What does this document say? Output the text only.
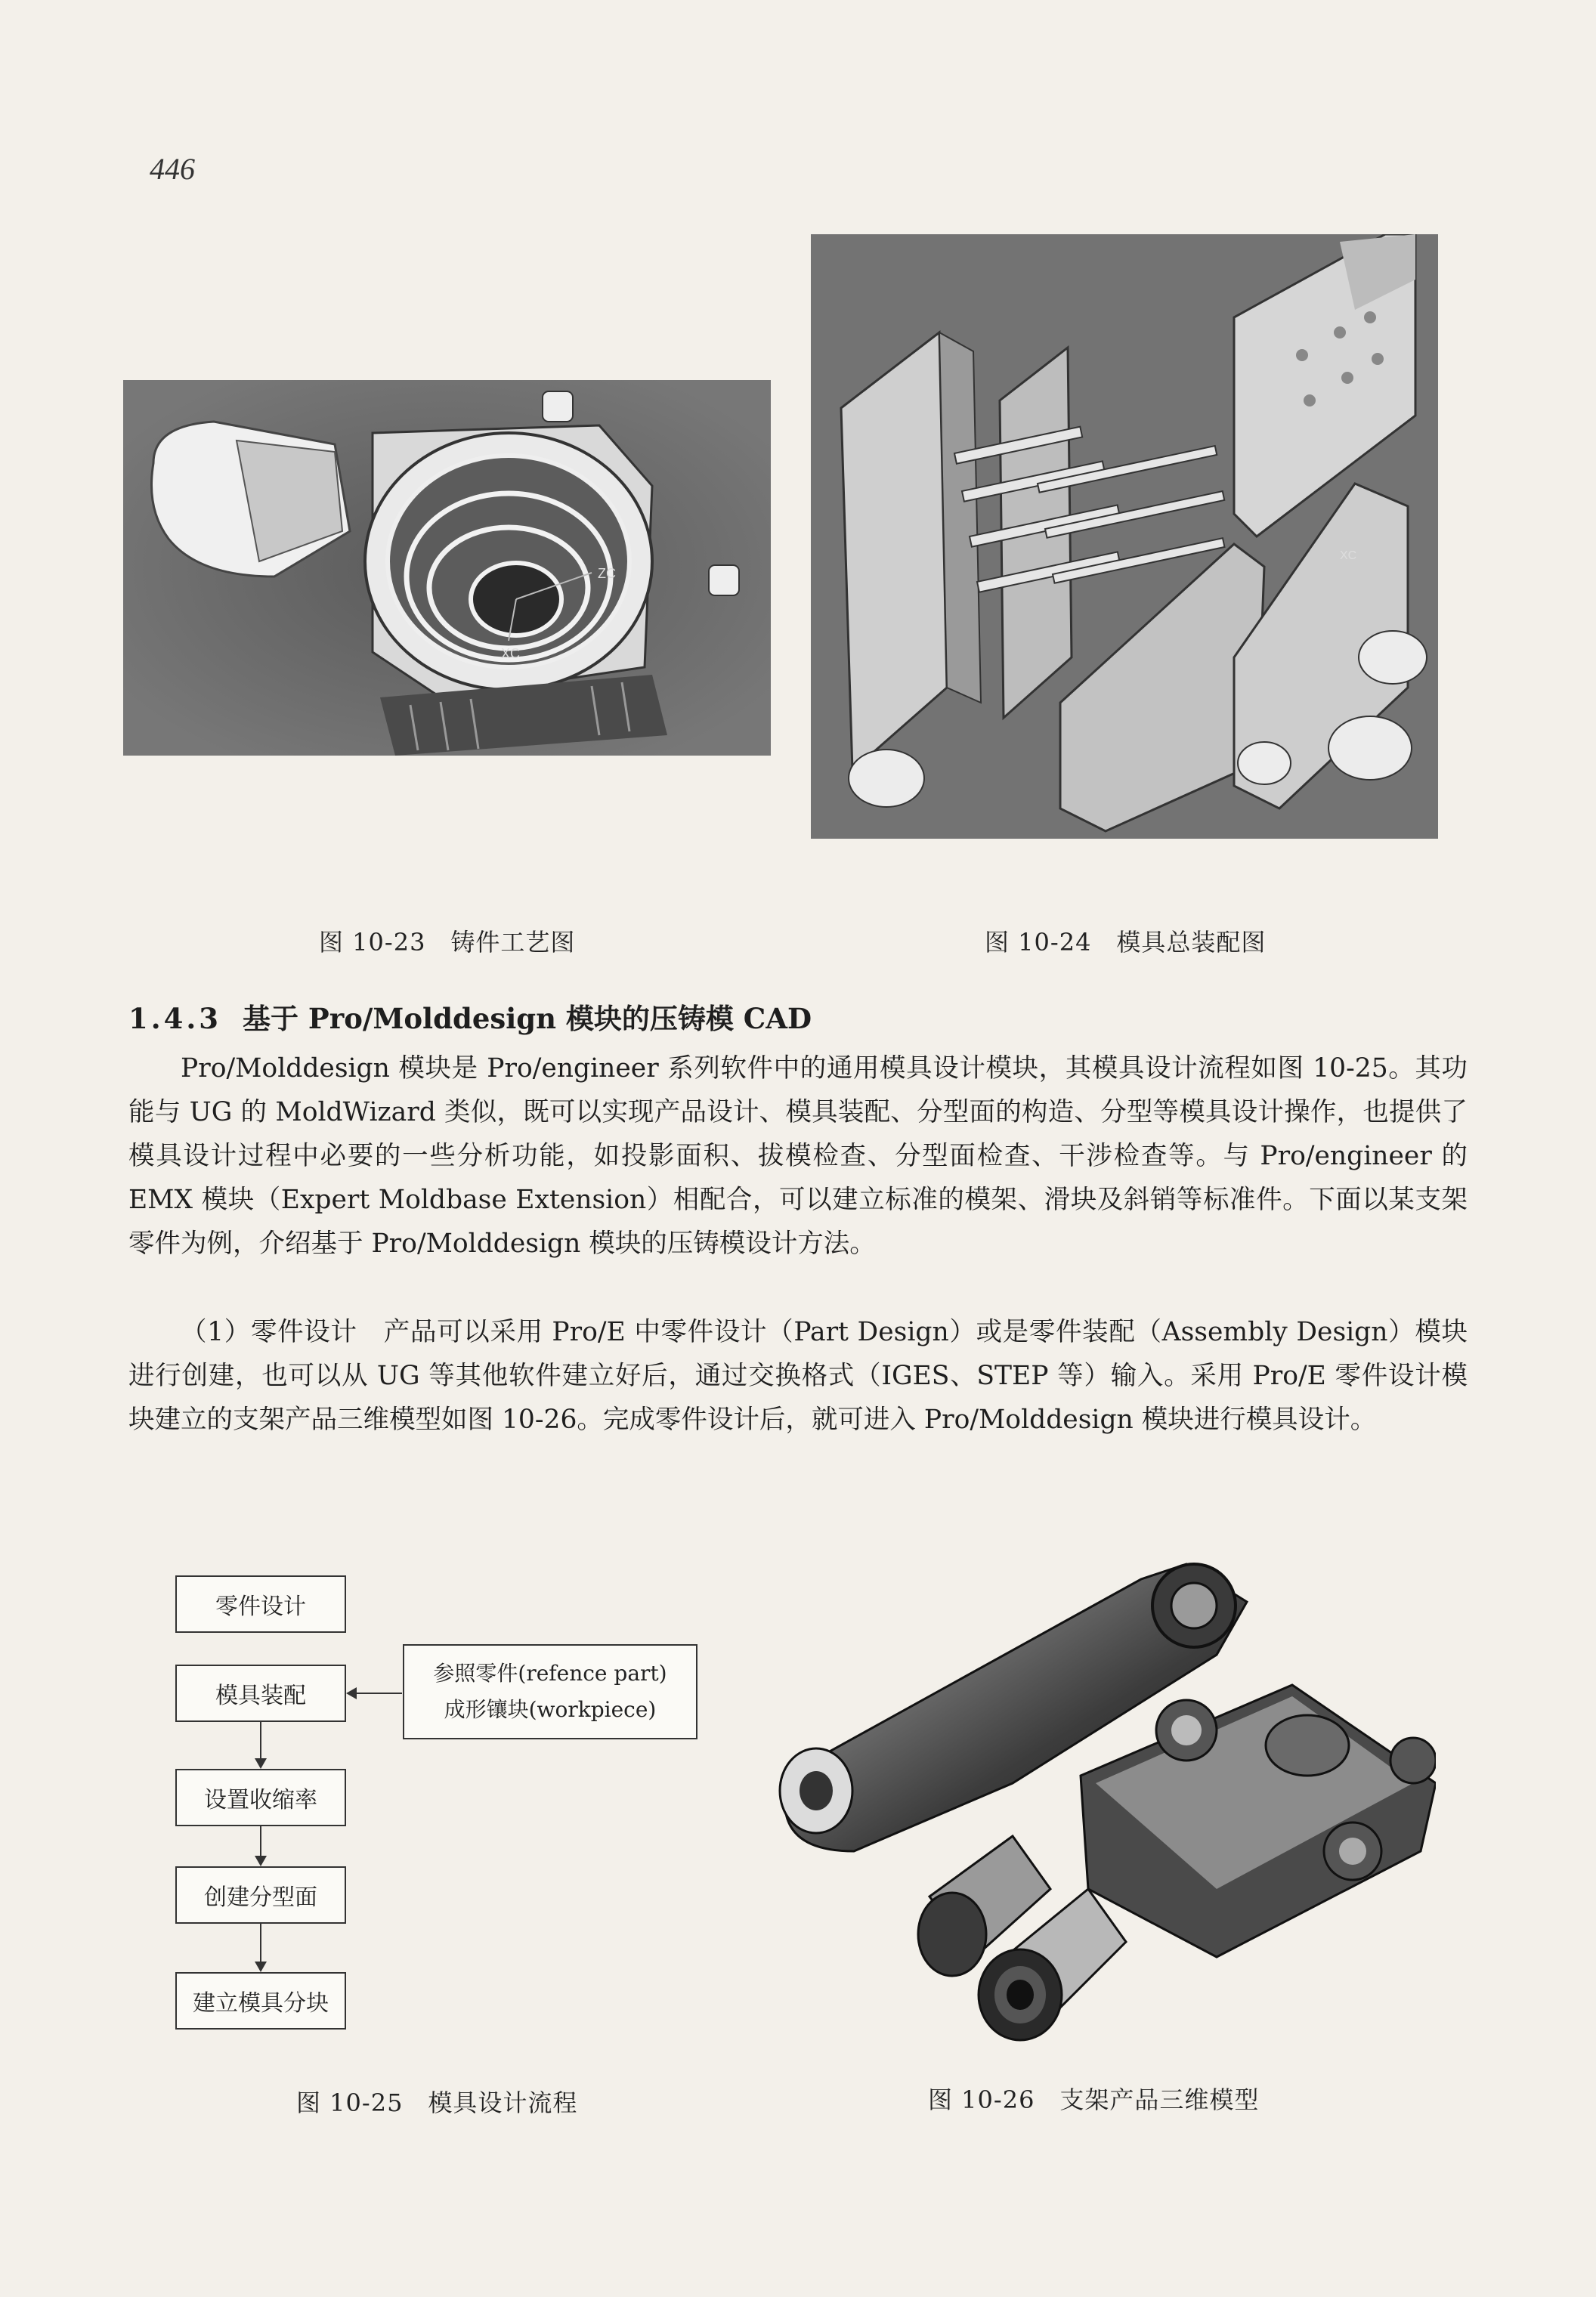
446
ZC
XC
XC
图 10-23　铸件工艺图	图 10-24　模具总装配图
1.4.3 基于 Pro/Molddesign 模块的压铸模 CAD
Pro/Molddesign 模块是 Pro/engineer 系列软件中的通用模具设计模块，其模具设计流程如图 10-25。其功能与 UG 的 MoldWizard 类似，既可以实现产品设计、模具装配、分型面的构造、分型等模具设计操作，也提供了模具设计过程中必要的一些分析功能，如投影面积、拔模检查、分型面检查、干涉检查等。与 Pro/engineer 的 EMX 模块（Expert Moldbase Extension）相配合，可以建立标准的模架、滑块及斜销等标准件。下面以某支架零件为例，介绍基于 Pro/Molddesign 模块的压铸模设计方法。
（1）零件设计　产品可以采用 Pro/E 中零件设计（Part Design）或是零件装配（Assembly Design）模块进行创建，也可以从 UG 等其他软件建立好后，通过交换格式（IGES、STEP 等）输入。采用 Pro/E 零件设计模块建立的支架产品三维模型如图 10-26。完成零件设计后，就可进入 Pro/Molddesign 模块进行模具设计。
零件设计
模具装配
设置收缩率
创建分型面
建立模具分块
参照零件(refence part)
成形镶块(workpiece)
图 10-25　模具设计流程	图 10-26　支架产品三维模型
